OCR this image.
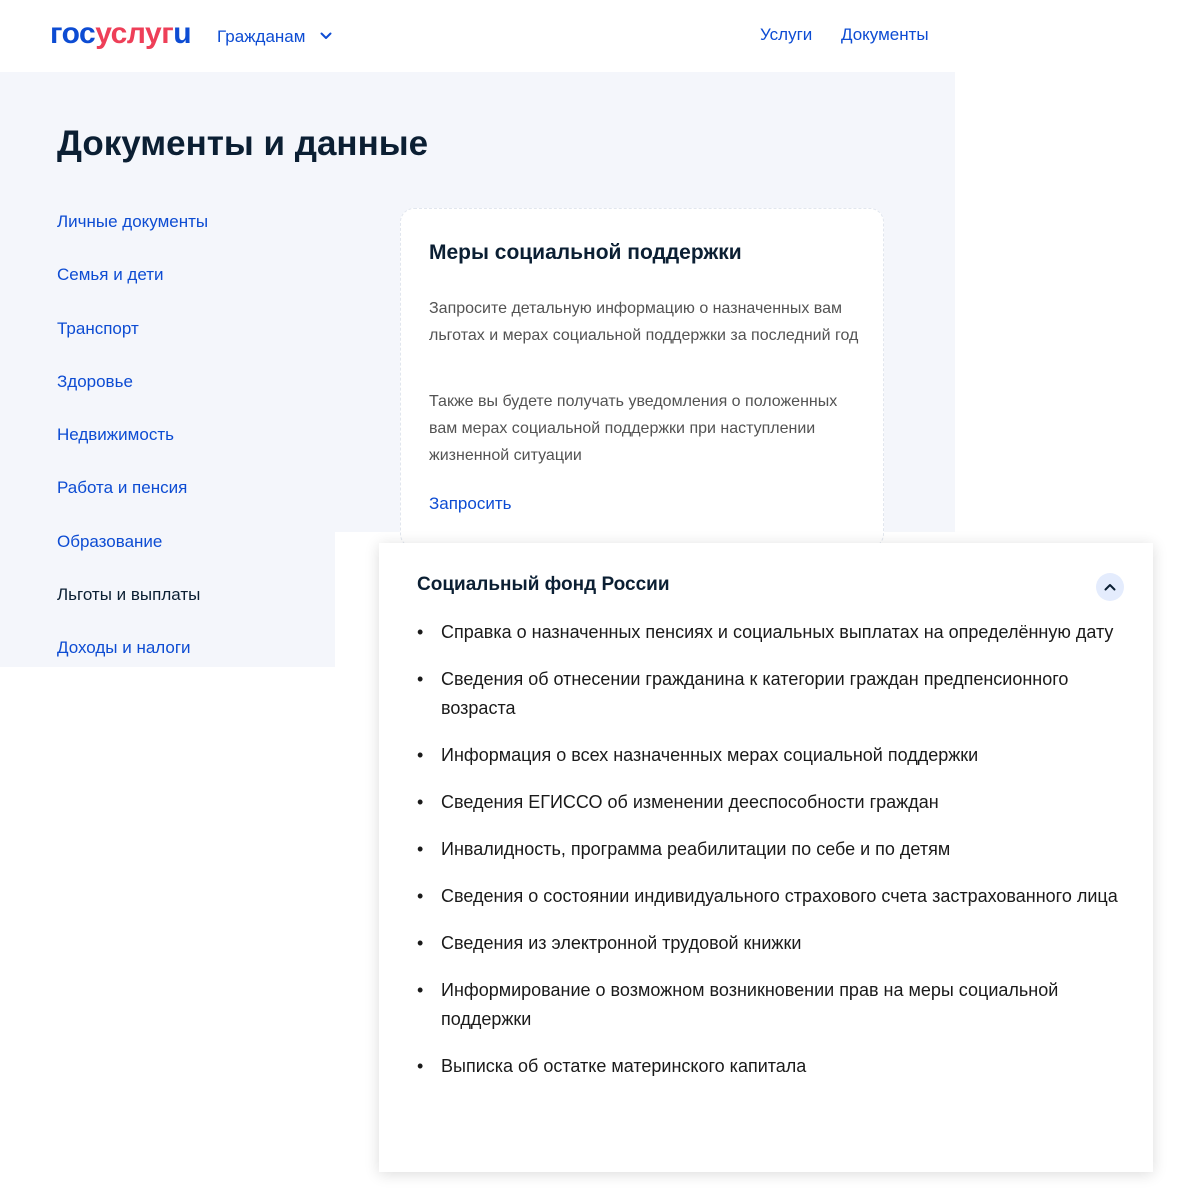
госуслугu Гражданам	Услуги Документы
Документы и данные
Личные документы
Семья и дети
Транспорт
Здоровье
Недвижимость
Работа и пенсия
Образование
Льготы и выплаты
Доходы и налоги
Меры социальной поддержки

Запросите детальную информацию о назначенных вам льготах и мерах социальной поддержки за последний год

Также вы будете получать уведомления о положенных вам мерах социальной поддержки при наступлении жизненной ситуации

Запросить
Социальный фонд России
• Справка о назначенных пенсиях и социальных выплатах на определённую дату
• Сведения об отнесении гражданина к категории граждан предпенсионного возраста
• Информация о всех назначенных мерах социальной поддержки
• Сведения ЕГИССО об изменении дееспособности граждан
• Инвалидность, программа реабилитации по себе и по детям
• Сведения о состоянии индивидуального страхового счета застрахованного лица
• Сведения из электронной трудовой книжки
• Информирование о возможном возникновении прав на меры социальной поддержки
• Выписка об остатке материнского капитала
